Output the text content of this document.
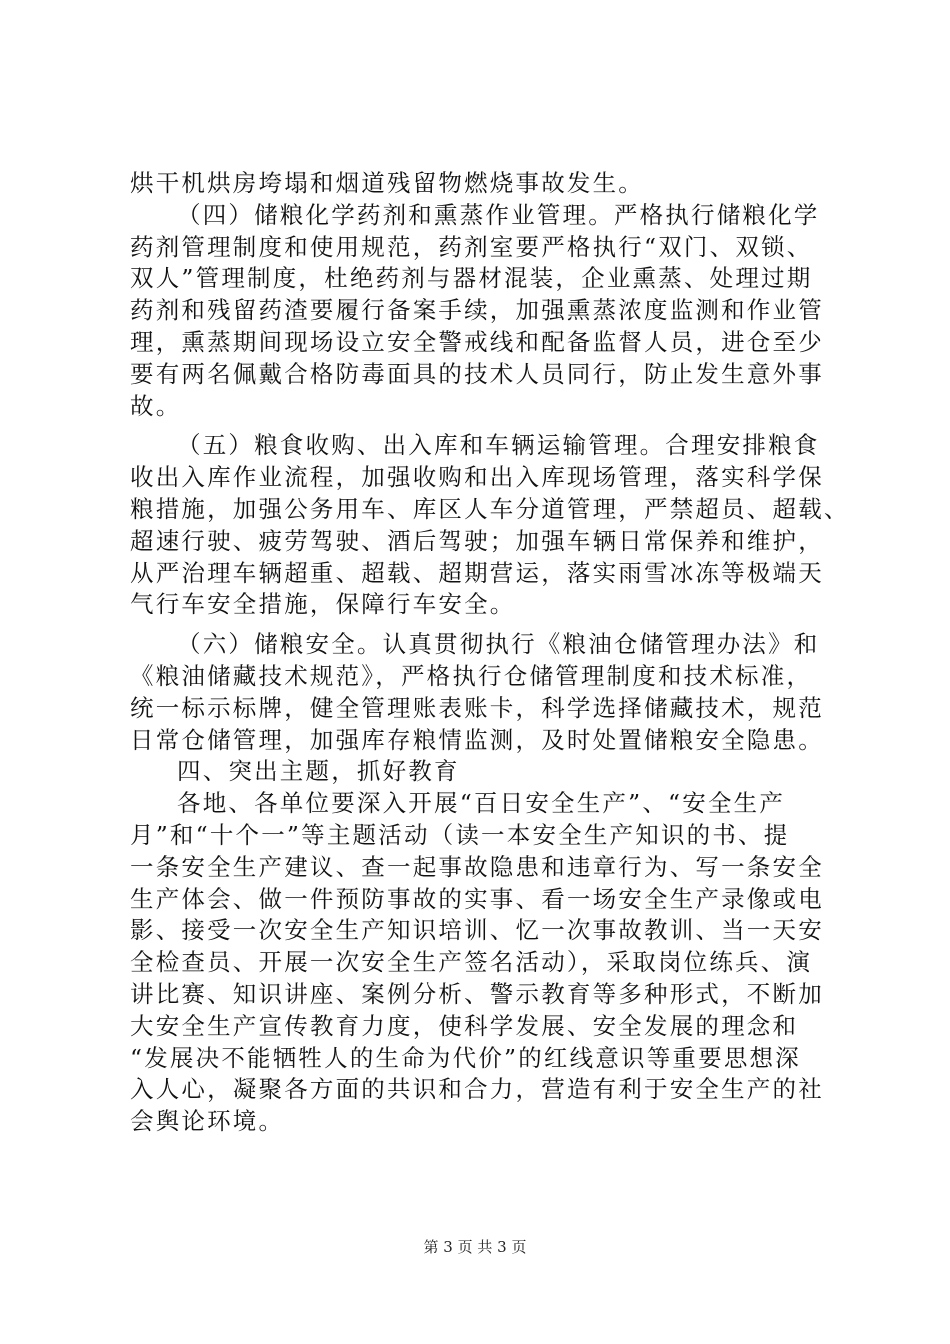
烘干机烘房垮塌和烟道残留物燃烧事故发生。
（四）储粮化学药剂和熏蒸作业管理。严格执行储粮化学
药剂管理制度和使用规范，药剂室要严格执行“双门、双锁、
双人”管理制度，杜绝药剂与器材混装，企业熏蒸、处理过期
药剂和残留药渣要履行备案手续，加强熏蒸浓度监测和作业管
理，熏蒸期间现场设立安全警戒线和配备监督人员，进仓至少
要有两名佩戴合格防毒面具的技术人员同行，防止发生意外事
故。
（五）粮食收购、出入库和车辆运输管理。合理安排粮食
收出入库作业流程，加强收购和出入库现场管理，落实科学保
粮措施，加强公务用车、库区人车分道管理，严禁超员、超载、
超速行驶、疲劳驾驶、酒后驾驶；加强车辆日常保养和维护，
从严治理车辆超重、超载、超期营运，落实雨雪冰冻等极端天
气行车安全措施，保障行车安全。
（六）储粮安全。认真贯彻执行《粮油仓储管理办法》和
《粮油储藏技术规范》，严格执行仓储管理制度和技术标准，
统一标示标牌，健全管理账表账卡，科学选择储藏技术，规范
日常仓储管理，加强库存粮情监测，及时处置储粮安全隐患。
四、突出主题，抓好教育
各地、各单位要深入开展“百日安全生产”、“安全生产
月”和“十个一”等主题活动（读一本安全生产知识的书、提
一条安全生产建议、查一起事故隐患和违章行为、写一条安全
生产体会、做一件预防事故的实事、看一场安全生产录像或电
影、接受一次安全生产知识培训、忆一次事故教训、当一天安
全检查员、开展一次安全生产签名活动），采取岗位练兵、演
讲比赛、知识讲座、案例分析、警示教育等多种形式，不断加
大安全生产宣传教育力度，使科学发展、安全发展的理念和
“发展决不能牺牲人的生命为代价”的红线意识等重要思想深
入人心，凝聚各方面的共识和合力，营造有利于安全生产的社
会舆论环境。
第 3 页 共 3 页
